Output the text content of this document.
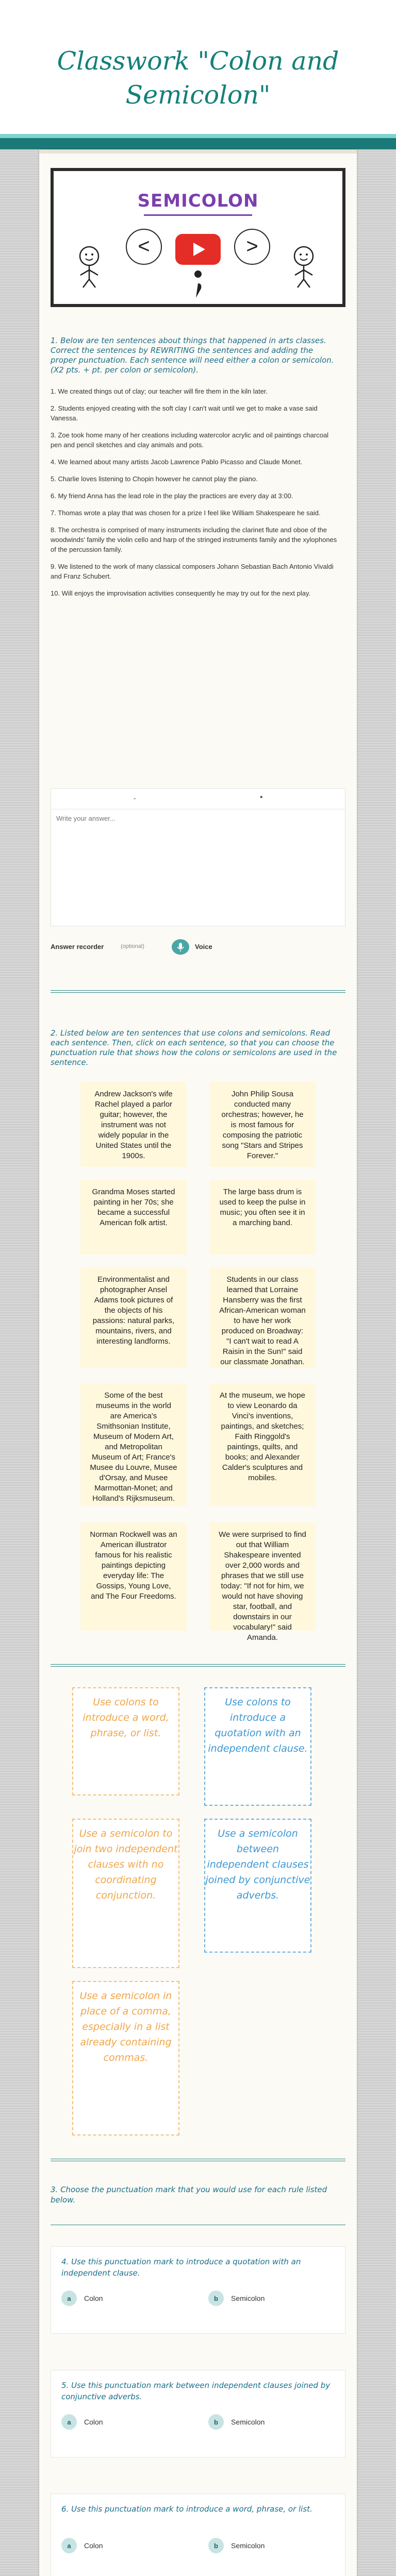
Classwork "Colon and Semicolon"
SEMICOLON
<	>
1. Below are ten sentences about things that happened in arts classes. Correct the sentences by REWRITING the sentences and adding the proper punctuation. Each sentence will need either a colon or semicolon. (X2 pts. + pt. per colon or semicolon).
1. We created things out of clay; our teacher will fire them in the kiln later.
2. Students enjoyed creating with the soft clay I can't wait until we get to make a vase said Vanessa.
3. Zoe took home many of her creations including watercolor acrylic and oil paintings charcoal pen and pencil sketches and clay animals and pots.
4. We learned about many artists Jacob Lawrence Pablo Picasso and Claude Monet.
5. Charlie loves listening to Chopin however he cannot play the piano.
6. My friend Anna has the lead role in the play the practices are every day at 3:00.
7. Thomas wrote a play that was chosen for a prize I feel like William Shakespeare he said.
8. The orchestra is comprised of many instruments including the clarinet flute and oboe of the woodwinds' family the violin cello and harp of the stringed instruments family and the xylophones of the percussion family.
9. We listened to the work of many classical composers Johann Sebastian Bach Antonio Vivaldi and Franz Schubert.
10. Will enjoys the improvisation activities consequently he may try out for the next play.
-	•
Write your answer...
Answer recorder	(optional)	Voice
2. Listed below are ten sentences that use colons and semicolons. Read each sentence. Then, click on each sentence, so that you can choose the punctuation rule that shows how the colons or semicolons are used in the sentence.
Andrew Jackson's wife Rachel played a parlor guitar; however, the instrument was not widely popular in the United States until the 1900s.
John Philip Sousa conducted many orchestras; however, he is most famous for composing the patriotic song "Stars and Stripes Forever."
Grandma Moses started painting in her 70s; she became a successful American folk artist.
The large bass drum is used to keep the pulse in music; you often see it in a marching band.
Environmentalist and photographer Ansel Adams took pictures of the objects of his passions: natural parks, mountains, rivers, and interesting landforms.
Students in our class learned that Lorraine Hansberry was the first African-American woman to have her work produced on Broadway: "I can't wait to read A Raisin in the Sun!" said our classmate Jonathan.
Some of the best museums in the world are America's Smithsonian Institute, Museum of Modern Art, and Metropolitan Museum of Art; France's Musee du Louvre, Musee d'Orsay, and Musee Marmottan-Monet; and Holland's Rijksmuseum.
At the museum, we hope to view Leonardo da Vinci's inventions, paintings, and sketches; Faith Ringgold's paintings, quilts, and books; and Alexander Calder's sculptures and mobiles.
Norman Rockwell was an American illustrator famous for his realistic paintings depicting everyday life: The Gossips, Young Love, and The Four Freedoms.
We were surprised to find out that William Shakespeare invented over 2,000 words and phrases that we still use today: "If not for him, we would not have shoving star, football, and downstairs in our vocabulary!" said Amanda.
Use colons to introduce a word, phrase, or list.
Use colons to introduce a quotation with an independent clause.
Use a semicolon to join two independent clauses with no coordinating conjunction.
Use a semicolon between independent clauses joined by conjunctive adverbs.
Use a semicolon in place of a comma, especially in a list already containing commas.
3. Choose the punctuation mark that you would use for each rule listed below.
4. Use this punctuation mark to introduce a quotation with an independent clause.
a	Colon	b	Semicolon
5. Use this punctuation mark between independent clauses joined by conjunctive adverbs.
a	Colon	b	Semicolon
6. Use this punctuation mark to introduce a word, phrase, or list.
a	Colon	b	Semicolon
